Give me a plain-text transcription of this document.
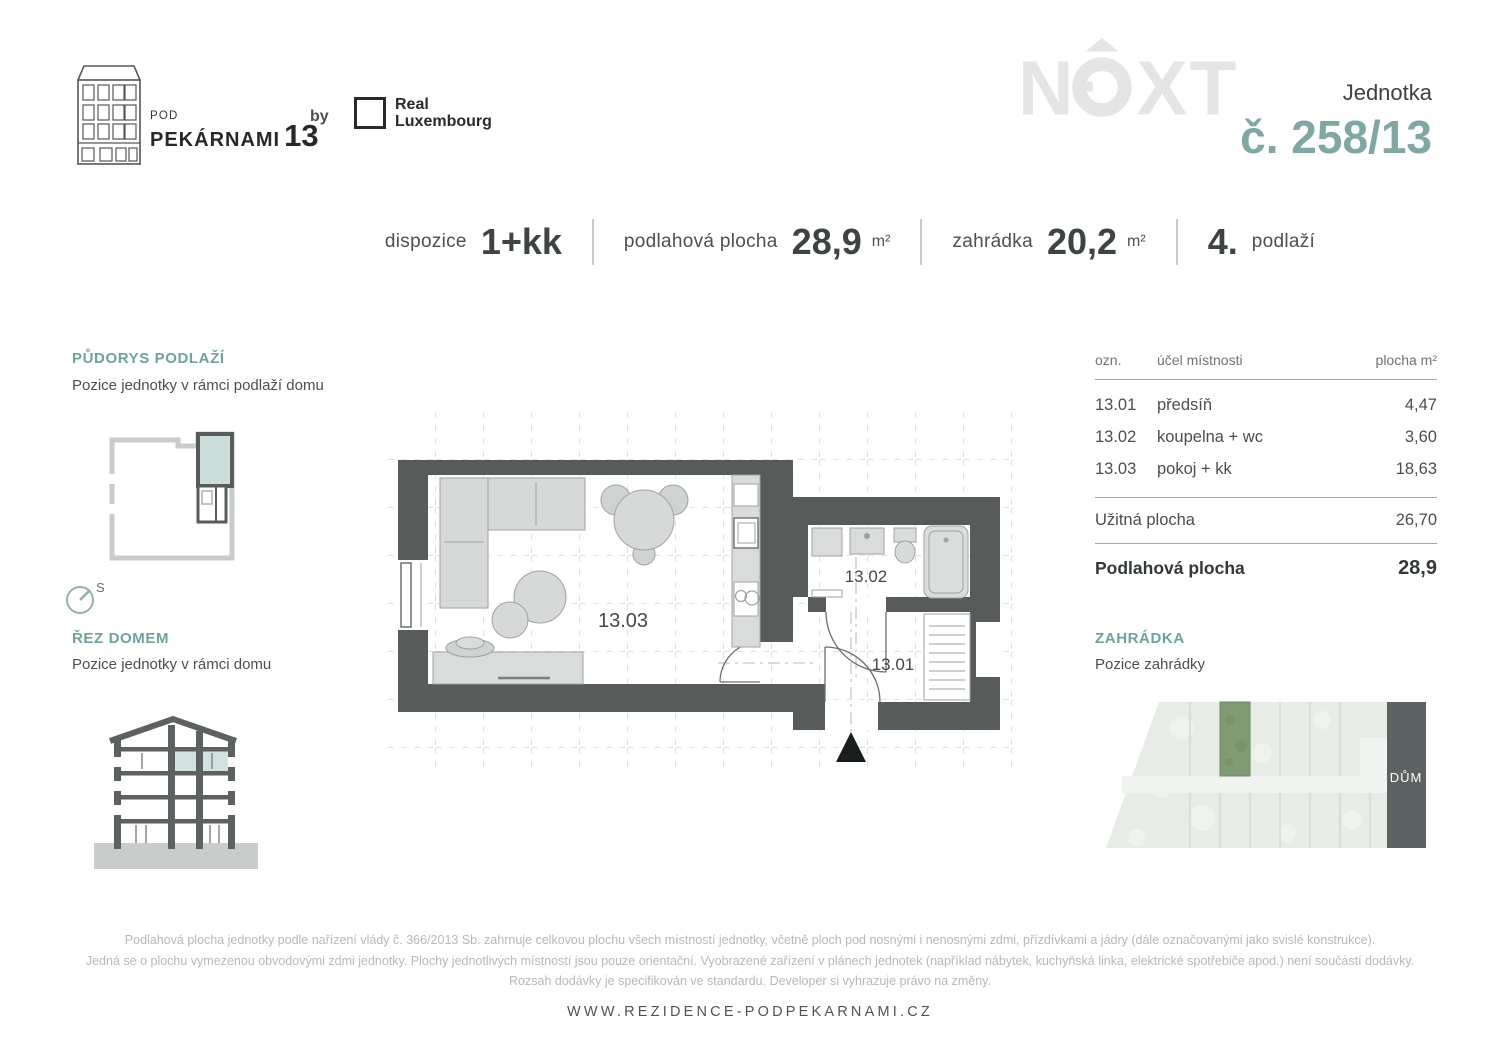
POD
PEKÁRNAMI 13
by
Real
Luxembourg	N XT	Jednotka
č. 258/13
dispozice 1+kk	podlahová plocha 28,9 m²	zahrádka 20,2 m² 4. podlaží
PŮDORYS PODLAŽÍ
Pozice jednotky v rámci podlaží domu
S
ŘEZ DOMEM
Pozice jednotky v rámci domu
13.03
13.02
13.01
ozn.	účel místnosti	plocha m²
13.01	předsíň	4,47
13.02	koupelna + wc	3,60
13.03	pokoj + kk	18,63
Užitná plocha	26,70
Podlahová plocha	28,9
ZAHRÁDKA
Pozice zahrádky
DŮM
Podlahová plocha jednotky podle nařízení vlády č. 366/2013 Sb. zahrnuje celkovou plochu všech místností jednotky, včetně ploch pod nosnými i nenosnými zdmi, přízdívkami a jádry (dále označovanými jako svislé konstrukce).
Jedná se o plochu vymezenou obvodovými zdmi jednotky. Plochy jednotlivých místností jsou pouze orientační. Vyobrazené zařízení v plánech jednotek (například nábytek, kuchyňská linka, elektrické spotřebiče apod.) není součástí dodávky.
Rozsah dodávky je specifikován ve standardu. Developer si vyhrazuje právo na změny.
WWW.REZIDENCE-PODPEKARNAMI.CZ
